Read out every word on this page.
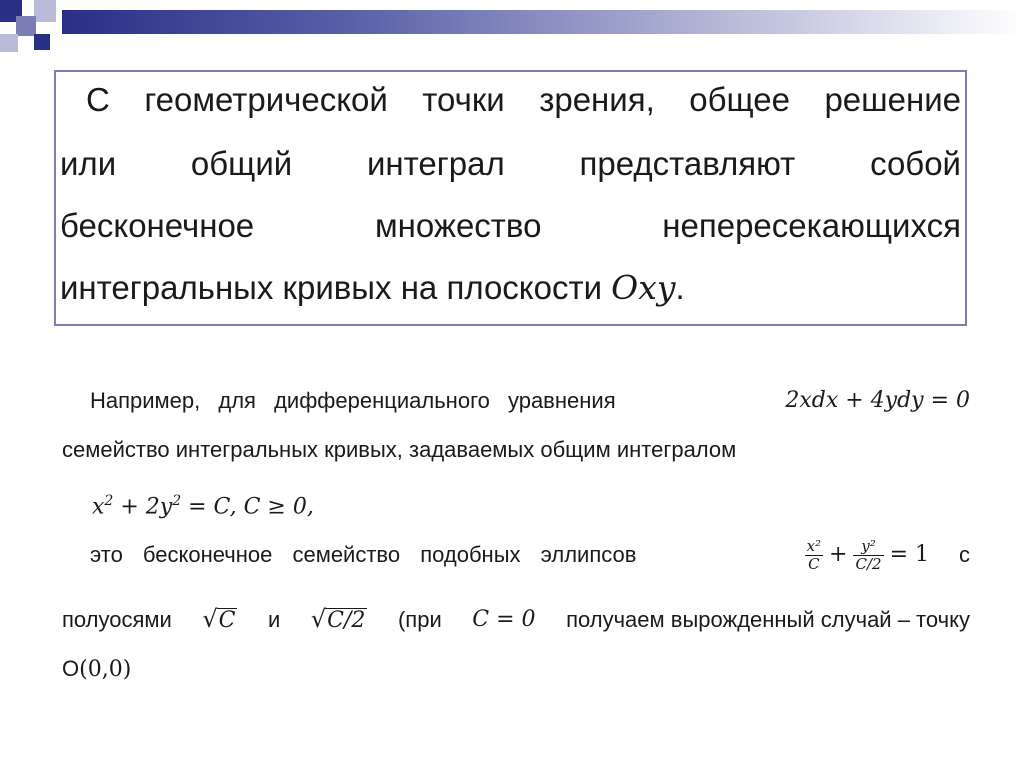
С геометрической точки зрения, общее решение
или общий интеграл представляют собой
бесконечное множество непересекающихся
интегральных кривых на плоскости Oxy.
Например, для дифференциального уравнения	2xdx + 4ydy = 0
семейство интегральных кривых, задаваемых общим интегралом
$x^2 + 2y^2 = C$, C ≥ 0,
это бесконечное семейство подобных эллипсов	$\frac{\text{x²}}{C} + \frac{\text{y²}}{C/2} = 1$ с
полуосями √C и √C/2 (при C = 0 получаем вырожденный случай – точку
O(0,0)
